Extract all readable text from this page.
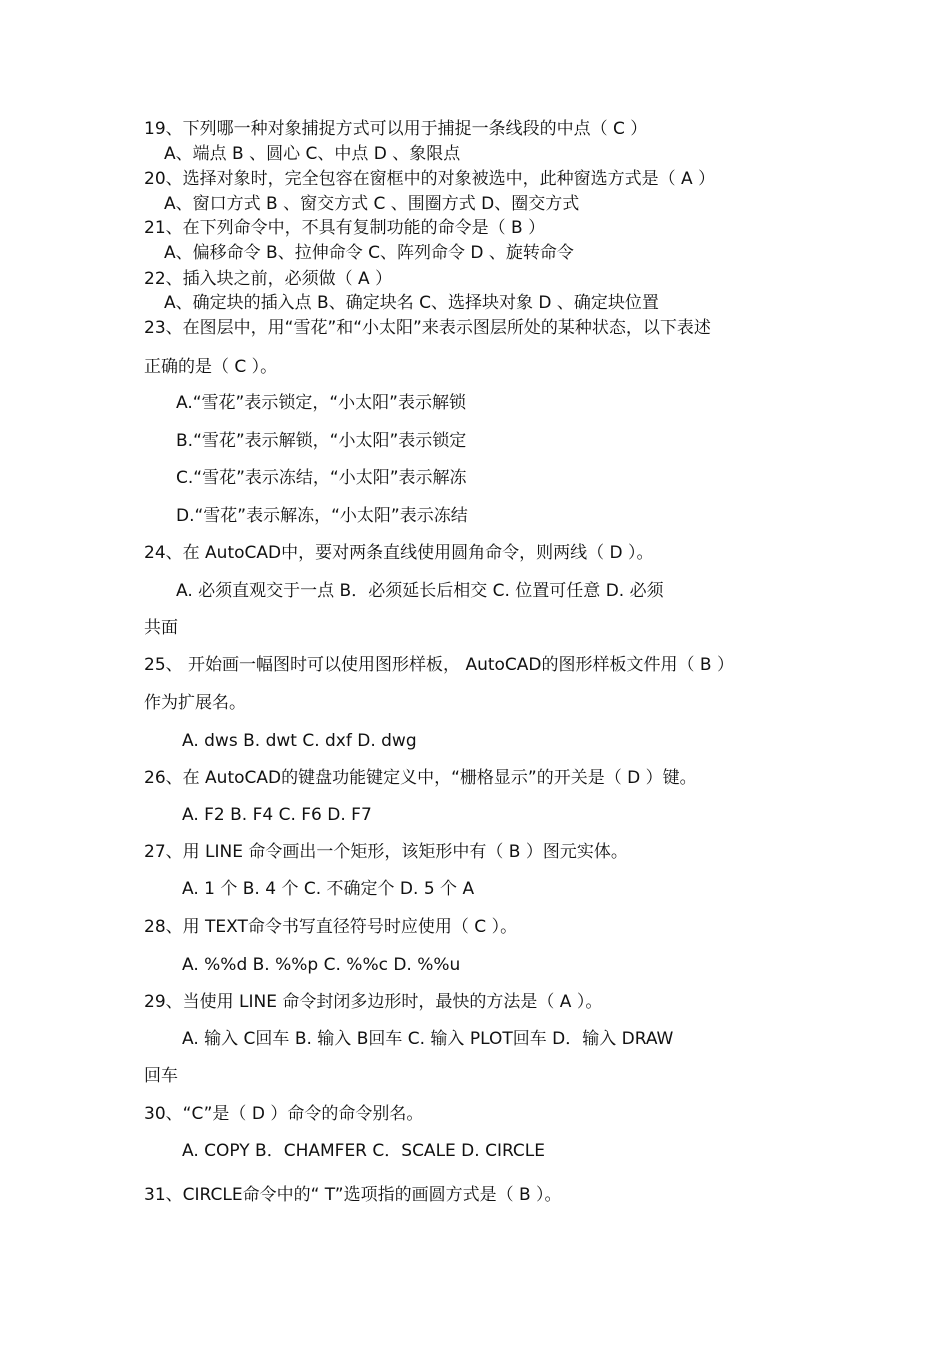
19、下列哪一种对象捕捉方式可以用于捕捉一条线段的中点（ C ）

A、端点 B 、圆心 C、中点 D 、象限点

20、选择对象时，完全包容在窗框中的对象被选中，此种窗选方式是（ A ）

A、窗口方式 B 、窗交方式 C 、围圈方式 D、圈交方式

21、在下列命令中，不具有复制功能的命令是（ B ）

A、偏移命令 B、拉伸命令 C、阵列命令 D 、旋转命令

22、插入块之前，必须做（ A ）

A、确定块的插入点 B、确定块名 C、选择块对象 D 、确定块位置

23、在图层中，用“雪花”和“小太阳”来表示图层所处的某种状态，以下表述

正确的是（ C ）。

A.“雪花”表示锁定，“小太阳”表示解锁

B.“雪花”表示解锁，“小太阳”表示锁定

C.“雪花”表示冻结，“小太阳”表示解冻

D.“雪花”表示解冻，“小太阳”表示冻结

24、在 AutoCAD中，要对两条直线使用圆角命令，则两线（ D ）。

A. 必须直观交于一点 B．必须延长后相交 C. 位置可任意 D. 必须

共面

25、 开始画一幅图时可以使用图形样板， AutoCAD的图形样板文件用（ B ）

作为扩展名。

A. dws B. dwt C. dxf D. dwg

26、在 AutoCAD的键盘功能键定义中，“栅格显示”的开关是（ D ）键。

A. F2 B. F4 C. F6 D. F7

27、用 LINE 命令画出一个矩形，该矩形中有（ B ）图元实体。

A. 1 个 B. 4 个 C. 不确定个 D. 5 个 A

28、用 TEXT命令书写直径符号时应使用（ C ）。

A. %%d B. %%p C. %%c D. %%u

29、当使用 LINE 命令封闭多边形时，最快的方法是（ A ）。

A. 输入 C回车 B. 输入 B回车 C. 输入 PLOT回车 D．输入 DRAW

回车

30、“C”是（ D ）命令的命令别名。

A. COPY B．CHAMFER C．SCALE D. CIRCLE

31、CIRCLE命令中的“ T”选项指的画圆方式是（ B ）。
